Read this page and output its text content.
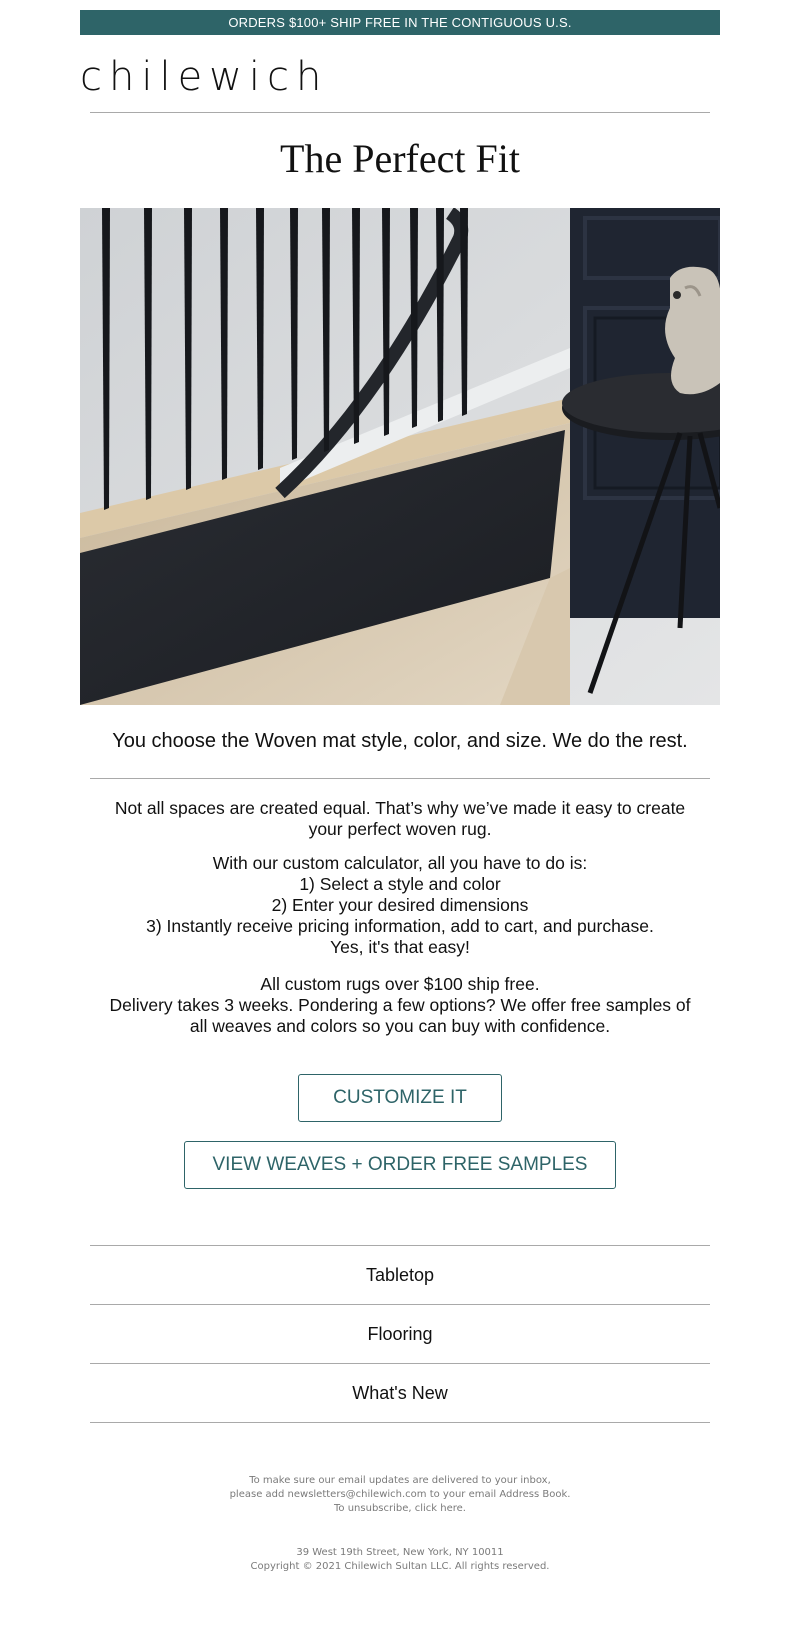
ORDERS $100+ SHIP FREE IN THE CONTIGUOUS U.S.
chilewich
The Perfect Fit
You choose the Woven mat style, color, and size. We do the rest.
Not all spaces are created equal. That’s why we’ve made it easy to create
your perfect woven rug.
With our custom calculator, all you have to do is:
1) Select a style and color
2) Enter your desired dimensions
3) Instantly receive pricing information, add to cart, and purchase.
Yes, it's that easy!
All custom rugs over $100 ship free.
Delivery takes 3 weeks. Pondering a few options? We offer free samples of
all weaves and colors so you can buy with confidence.
CUSTOMIZE IT
VIEW WEAVES + ORDER FREE SAMPLES
Tabletop
Flooring
What's New
To make sure our email updates are delivered to your inbox,
please add newsletters@chilewich.com to your email Address Book.
To unsubscribe, click here.
39 West 19th Street, New York, NY 10011
Copyright © 2021 Chilewich Sultan LLC. All rights reserved.
